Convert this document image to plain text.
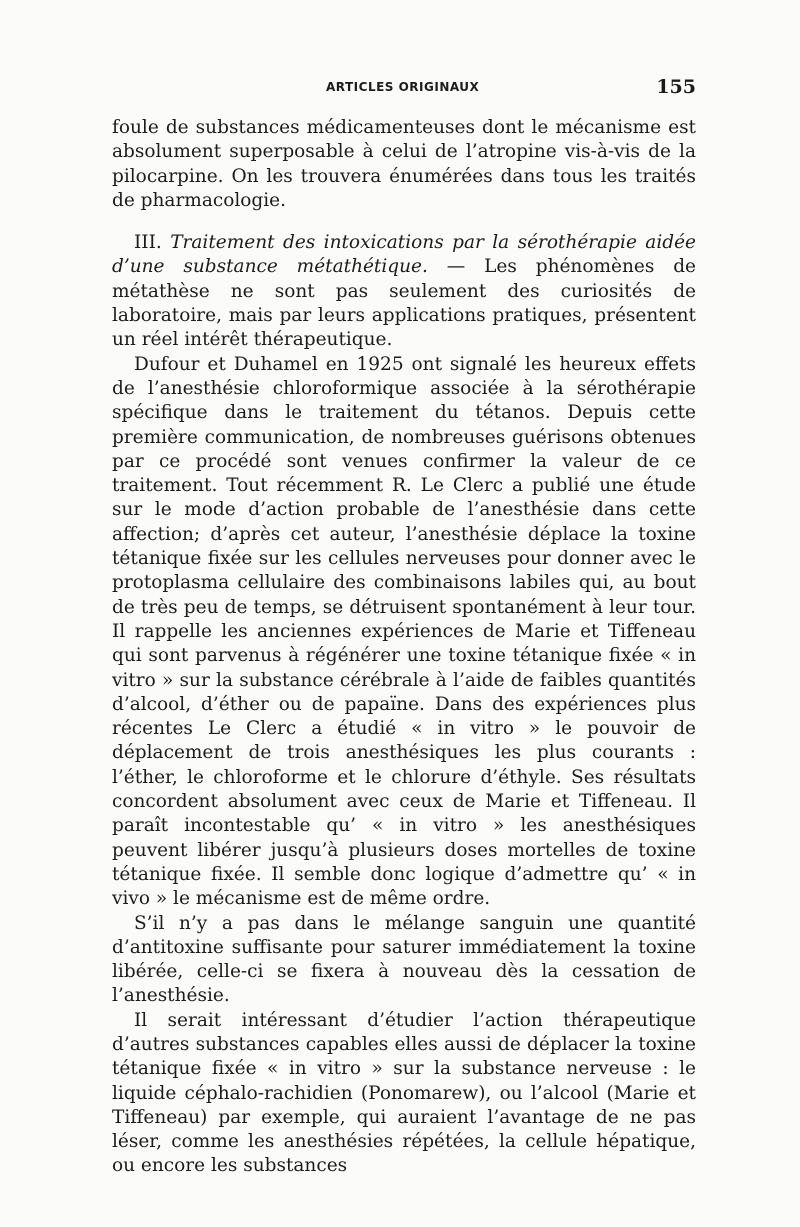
ARTICLES ORIGINAUX	155

foule de substances médicamenteuses dont le mécanisme est absolument superposable à celui de l’atropine vis-à-vis de la pilocarpine. On les trouvera énumérées dans tous les traités de pharmacologie.

III. Traitement des intoxications par la sérothérapie aidée d’une substance métathétique. — Les phénomènes de métathèse ne sont pas seulement des curiosités de laboratoire, mais par leurs applications pratiques, présentent un réel intérêt thérapeutique.

Dufour et Duhamel en 1925 ont signalé les heureux effets de l’anesthésie chloroformique associée à la sérothérapie spécifique dans le traitement du tétanos. Depuis cette première communication, de nombreuses guérisons obtenues par ce procédé sont venues confirmer la valeur de ce traitement. Tout récemment R. Le Clerc a publié une étude sur le mode d’action probable de l’anesthésie dans cette affection; d’après cet auteur, l’anesthésie déplace la toxine tétanique fixée sur les cellules nerveuses pour donner avec le protoplasma cellulaire des combinaisons labiles qui, au bout de très peu de temps, se détruisent spontanément à leur tour. Il rappelle les anciennes expériences de Marie et Tiffeneau qui sont parvenus à régénérer une toxine tétanique fixée « in vitro » sur la substance cérébrale à l’aide de faibles quantités d’alcool, d’éther ou de papaïne. Dans des expériences plus récentes Le Clerc a étudié « in vitro » le pouvoir de déplacement de trois anesthésiques les plus courants : l’éther, le chloroforme et le chlorure d’éthyle. Ses résultats concordent absolument avec ceux de Marie et Tiffeneau. Il paraît incontestable qu’ « in vitro » les anesthésiques peuvent libérer jusqu’à plusieurs doses mortelles de toxine tétanique fixée. Il semble donc logique d’admettre qu’ « in vivo » le mécanisme est de même ordre.

S’il n’y a pas dans le mélange sanguin une quantité d’antitoxine suffisante pour saturer immédiatement la toxine libérée, celle-ci se fixera à nouveau dès la cessation de l’anesthésie.

Il serait intéressant d’étudier l’action thérapeutique d’autres substances capables elles aussi de déplacer la toxine tétanique fixée « in vitro » sur la substance nerveuse : le liquide céphalo-rachidien (Ponomarew), ou l’alcool (Marie et Tiffeneau) par exemple, qui auraient l’avantage de ne pas léser, comme les anesthésies répétées, la cellule hépatique, ou encore les substances
